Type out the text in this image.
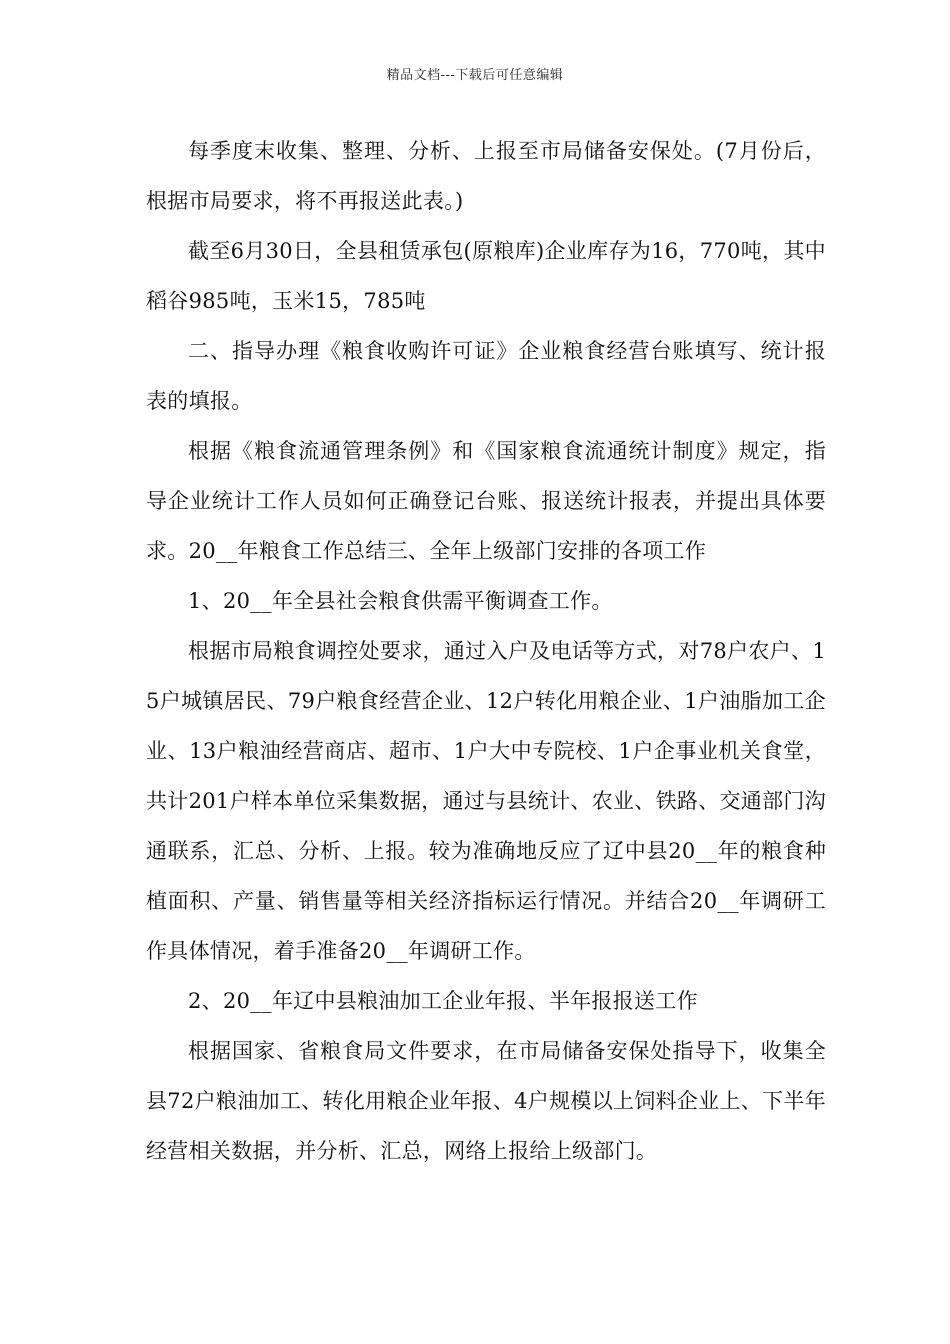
精品文档---下载后可任意编辑

每季度末收集、整理、分析、上报至市局储备安保处。(7月份后，根据市局要求，将不再报送此表。)

截至6月30日，全县租赁承包(原粮库)企业库存为16，770吨，其中稻谷985吨，玉米15，785吨

二、指导办理《粮食收购许可证》企业粮食经营台账填写、统计报表的填报。

根据《粮食流通管理条例》和《国家粮食流通统计制度》规定，指导企业统计工作人员如何正确登记台账、报送统计报表，并提出具体要求。20__年粮食工作总结三、全年上级部门安排的各项工作

1、20__年全县社会粮食供需平衡调查工作。

根据市局粮食调控处要求，通过入户及电话等方式，对78户农户、15户城镇居民、79户粮食经营企业、12户转化用粮企业、1户油脂加工企业、13户粮油经营商店、超市、1户大中专院校、1户企事业机关食堂，共计201户样本单位采集数据，通过与县统计、农业、铁路、交通部门沟通联系，汇总、分析、上报。较为准确地反应了辽中县20__年的粮食种植面积、产量、销售量等相关经济指标运行情况。并结合20__年调研工作具体情况，着手准备20__年调研工作。

2、20__年辽中县粮油加工企业年报、半年报报送工作

根据国家、省粮食局文件要求，在市局储备安保处指导下，收集全县72户粮油加工、转化用粮企业年报、4户规模以上饲料企业上、下半年经营相关数据，并分析、汇总，网络上报给上级部门。
